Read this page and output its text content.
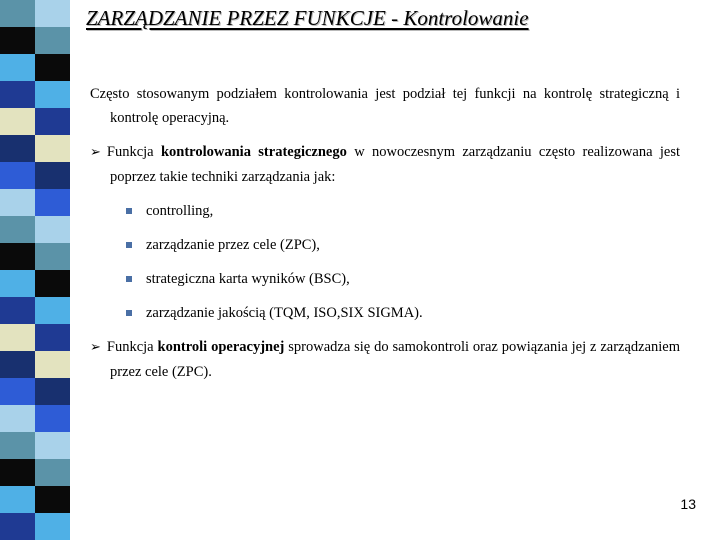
ZARZĄDZANIE PRZEZ FUNKCJE - Kontrolowanie

Często stosowanym podziałem kontrolowania jest podział tej funkcji na kontrolę strategiczną i kontrolę operacyjną.

➢ Funkcja kontrolowania strategicznego w nowoczesnym zarządzaniu często realizowana jest poprzez takie techniki zarządzania jak:

controlling,
zarządzanie przez cele (ZPC),
strategiczna karta wyników (BSC),
zarządzanie jakością (TQM, ISO,SIX SIGMA).

➢ Funkcja kontroli operacyjnej sprowadza się do samokontroli oraz powiązania jej z zarządzaniem przez cele (ZPC).

13
